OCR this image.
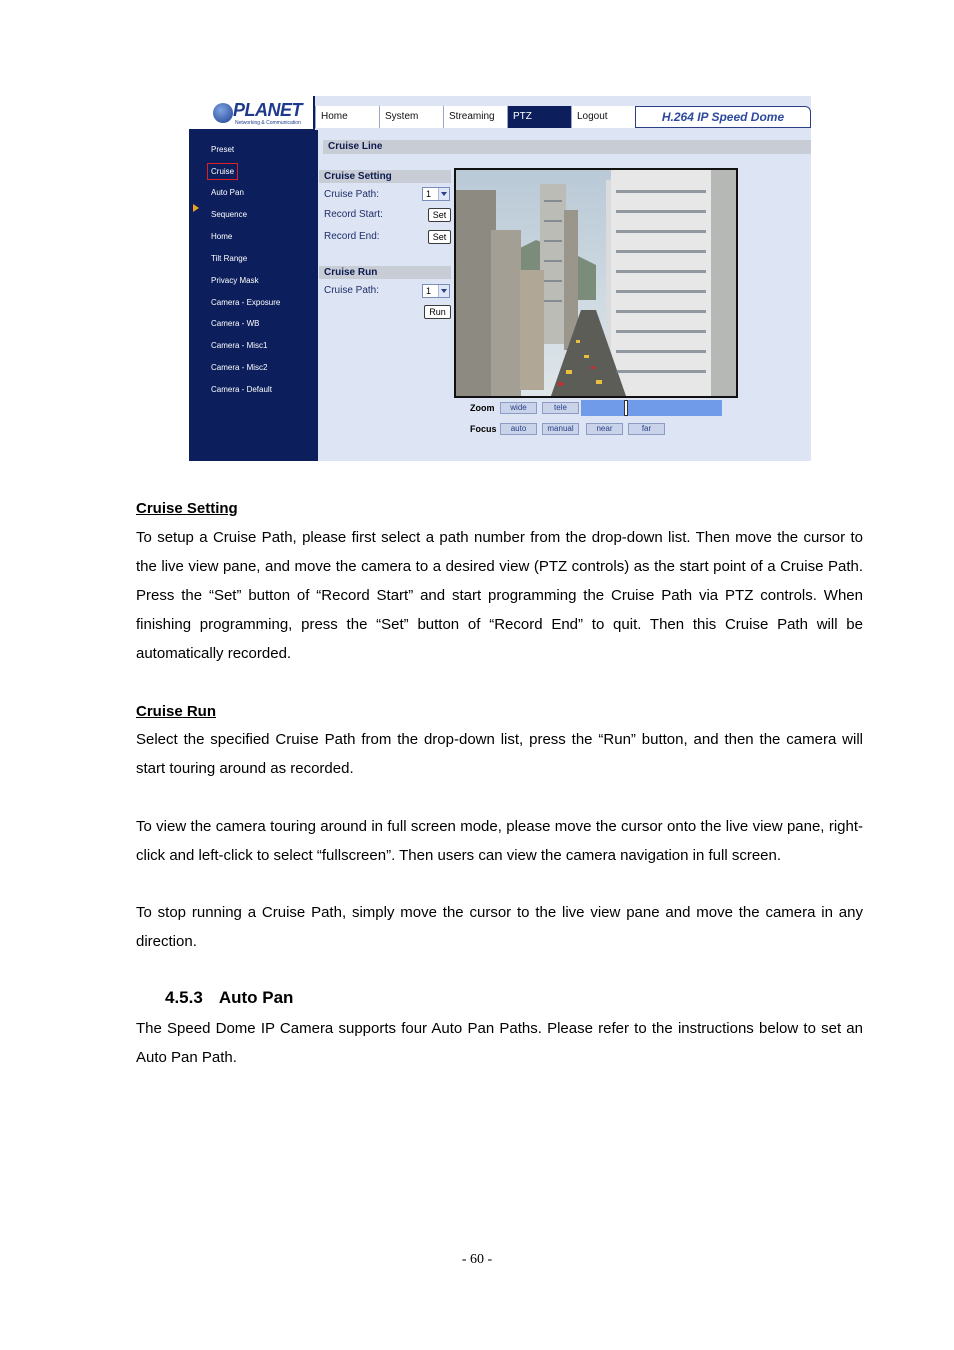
PLANET
Networking & Communication
Home	System	Streaming	PTZ	Logout	H.264 IP Speed Dome
Preset
Cruise
Auto Pan
Sequence
Home
Tilt Range
Privacy Mask
Camera - Exposure
Camera - WB
Camera - Misc1
Camera - Misc2
Camera - Default
Cruise Line
Cruise Setting
Cruise Path:	1
Record Start:	Set
Record End:	Set
Cruise Run
Cruise Path:	1
Run
Zoom	wide	tele
Focus	auto	manual	near	far
Cruise Setting

To setup a Cruise Path, please first select a path number from the drop-down list. Then move the cursor to the live view pane, and move the camera to a desired view (PTZ controls) as the start point of a Cruise Path. Press the “Set” button of “Record Start” and start programming the Cruise Path via PTZ controls. When finishing programming, press the “Set” button of “Record End” to quit. Then this Cruise Path will be automatically recorded.

Cruise Run

Select the specified Cruise Path from the drop-down list, press the “Run” button, and then the camera will start touring around as recorded.

To view the camera touring around in full screen mode, please move the cursor onto the live view pane, right-click and left-click to select “fullscreen”. Then users can view the camera navigation in full screen.

To stop running a Cruise Path, simply move the cursor to the live view pane and move the camera in any direction.

4.5.3 Auto Pan

The Speed Dome IP Camera supports four Auto Pan Paths. Please refer to the instructions below to set an Auto Pan Path.

- 60 -
